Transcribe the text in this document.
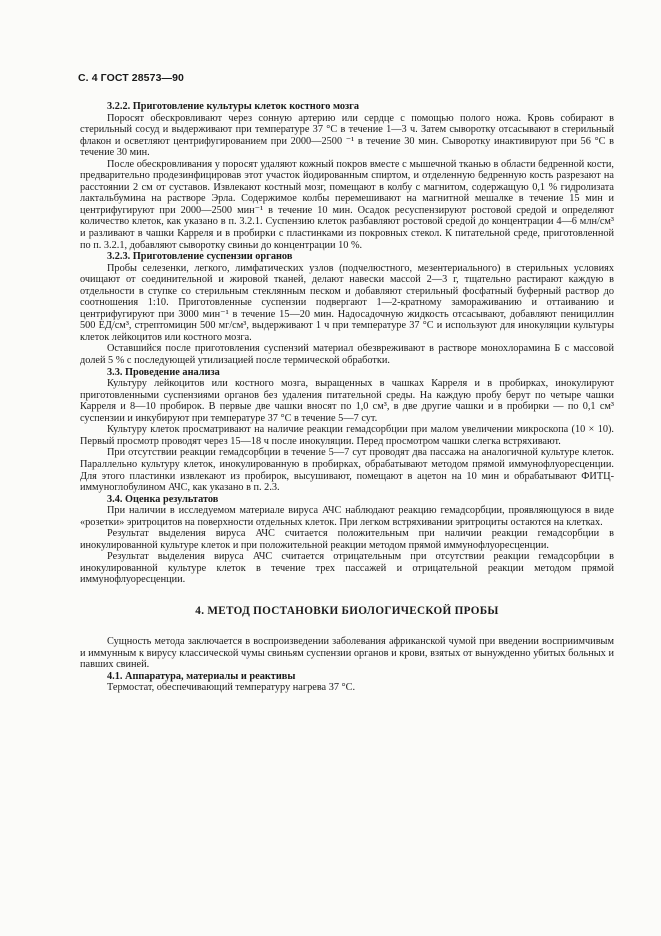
С. 4 ГОСТ 28573—90
3.2.2. Приготовление культуры клеток костного мозга

Поросят обескровливают через сонную артерию или сердце с помощью полого ножа. Кровь собирают в стерильный сосуд и выдерживают при температуре 37 °С в течение 1—3 ч. Затем сыворотку отсасывают в стерильный флакон и осветляют центрифугированием при 2000—2500 ⁻¹ в течение 30 мин. Сыворотку инактивируют при 56 °С в течение 30 мин.

После обескровливания у поросят удаляют кожный покров вместе с мышечной тканью в области бедренной кости, предварительно продезинфицировав этот участок йодированным спиртом, и отделенную бедренную кость разрезают на расстоянии 2 см от суставов. Извлекают костный мозг, помещают в колбу с магнитом, содержащую 0,1 % гидролизата лактальбумина на растворе Эрла. Содержимое колбы перемешивают на магнитной мешалке в течение 15 мин и центрифугируют при 2000—2500 мин⁻¹ в течение 10 мин. Осадок ресуспензируют ростовой средой и определяют количество клеток, как указано в п. 3.2.1. Суспензию клеток разбавляют ростовой средой до концентрации 4—6 млн/см³ и разливают в чашки Карреля и в пробирки с пластинками из покровных стекол. К питательной среде, приготовленной по п. 3.2.1, добавляют сыворотку свиньи до концентрации 10 %.

3.2.3. Приготовление суспензии органов

Пробы селезенки, легкого, лимфатических узлов (подчелюстного, мезентериального) в стерильных условиях очищают от соединительной и жировой тканей, делают навески массой 2—3 г, тщательно растирают каждую в отдельности в ступке со стерильным стеклянным песком и добавляют стерильный фосфатный буферный раствор до соотношения 1:10. Приготовленные суспензии подвергают 1—2-кратному замораживанию и оттаиванию и центрифугируют при 3000 мин⁻¹ в течение 15—20 мин. Надосадочную жидкость отсасывают, добавляют пенициллин 500 ЕД/см³, стрептомицин 500 мг/см³, выдерживают 1 ч при температуре 37 °С и используют для инокуляции культуры клеток лейкоцитов или костного мозга.

Оставшийся после приготовления суспензий материал обезвреживают в растворе монохлорамина Б с массовой долей 5 % с последующей утилизацией после термической обработки.

3.3. Проведение анализа

Культуру лейкоцитов или костного мозга, выращенных в чашках Карреля и в пробирках, инокулируют приготовленными суспензиями органов без удаления питательной среды. На каждую пробу берут по четыре чашки Карреля и 8—10 пробирок. В первые две чашки вносят по 1,0 см³, в две другие чашки и в пробирки — по 0,1 см³ суспензии и инкубируют при температуре 37 °С в течение 5—7 сут.

Культуру клеток просматривают на наличие реакции гемадсорбции при малом увеличении микроскопа (10 × 10). Первый просмотр проводят через 15—18 ч после инокуляции. Перед просмотром чашки слегка встряхивают.

При отсутствии реакции гемадсорбции в течение 5—7 сут проводят два пассажа на аналогичной культуре клеток. Параллельно культуру клеток, инокулированную в пробирках, обрабатывают методом прямой иммунофлуоресценции. Для этого пластинки извлекают из пробирок, высушивают, помещают в ацетон на 10 мин и обрабатывают ФИТЦ-иммуноглобулином АЧС, как указано в п. 2.3.

3.4. Оценка результатов

При наличии в исследуемом материале вируса АЧС наблюдают реакцию гемадсорбции, проявляющуюся в виде «розетки» эритроцитов на поверхности отдельных клеток. При легком встряхивании эритроциты остаются на клетках.

Результат выделения вируса АЧС считается положительным при наличии реакции гемадсорбции в инокулированной культуре клеток и при положительной реакции методом прямой иммунофлуоресценции.

Результат выделения вируса АЧС считается отрицательным при отсутствии реакции гемадсорбции в инокулированной культуре клеток в течение трех пассажей и отрицательной реакции методом прямой иммунофлуоресценции.

4. МЕТОД ПОСТАНОВКИ БИОЛОГИЧЕСКОЙ ПРОБЫ

Сущность метода заключается в воспроизведении заболевания африканской чумой при введении восприимчивым и иммунным к вирусу классической чумы свиньям суспензии органов и крови, взятых от вынужденно убитых больных и павших свиней.

4.1. Аппаратура, материалы и реактивы

Термостат, обеспечивающий температуру нагрева 37 °С.
